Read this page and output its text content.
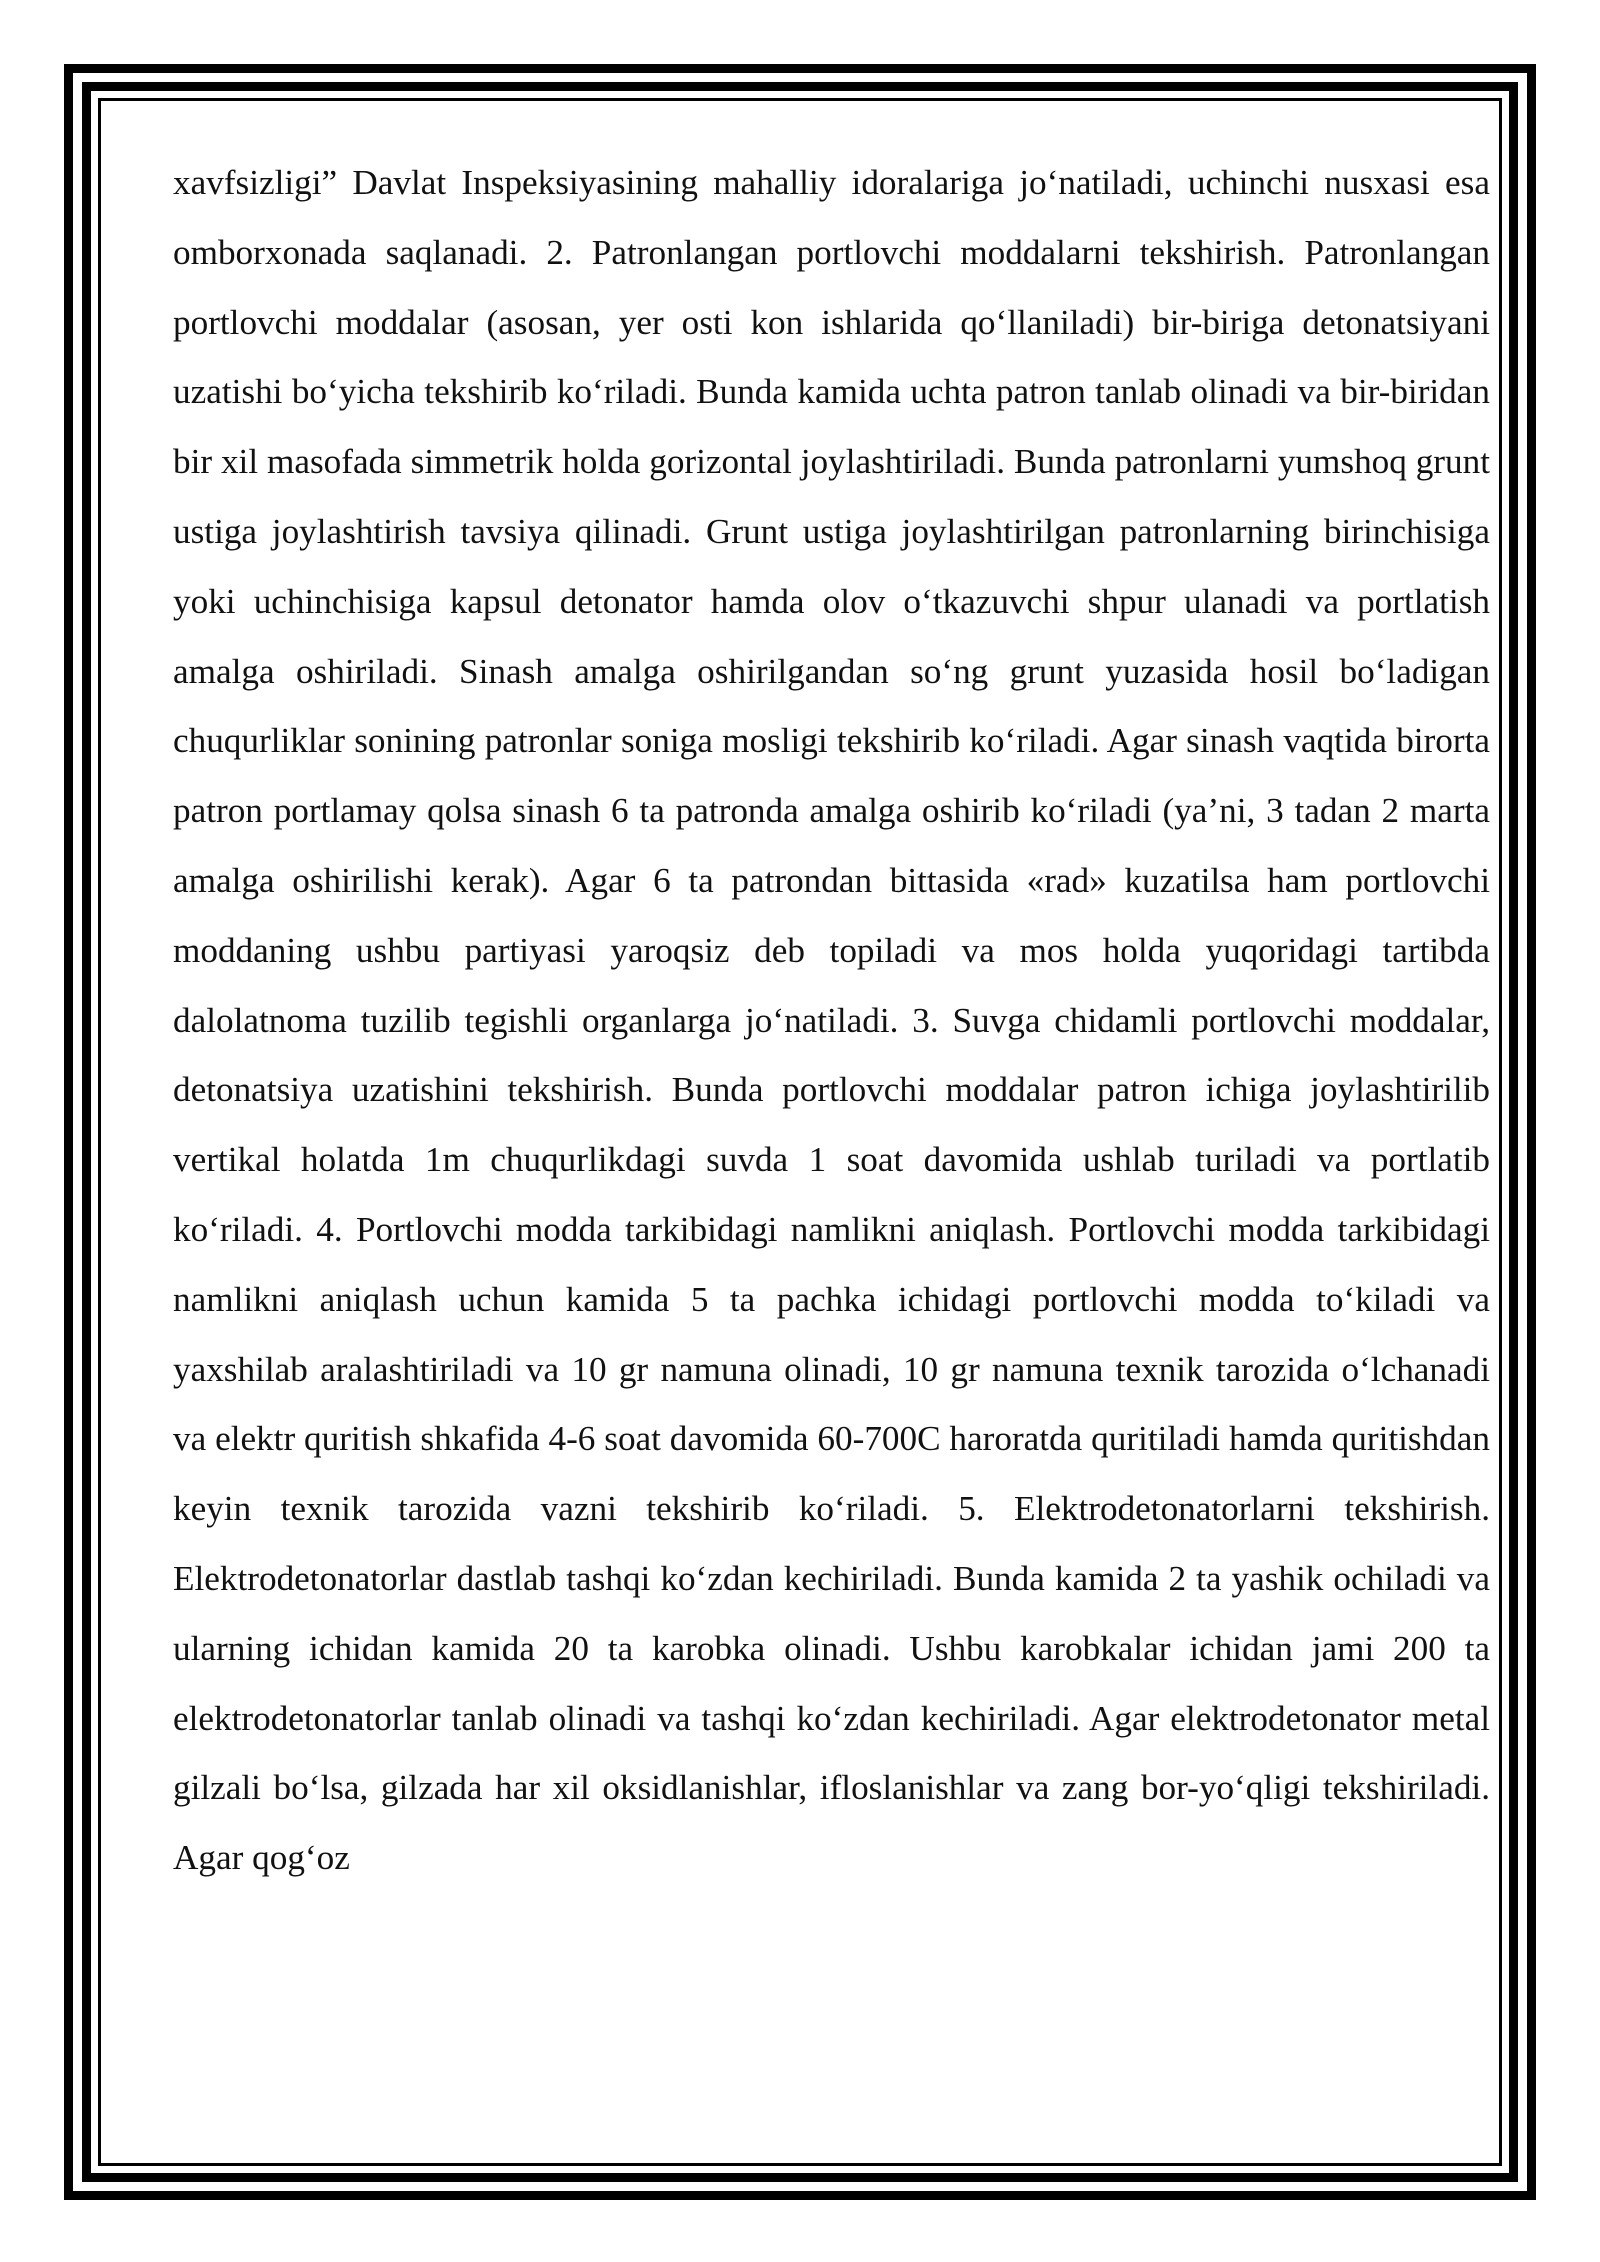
xavfsizligi” Davlat Inspeksiyasining mahalliy idoralariga jo‘natiladi, uchinchi nusxasi esa omborxonada saqlanadi. 2. Patronlangan portlovchi moddalarni tekshirish. Patronlangan portlovchi moddalar (asosan, yer osti kon ishlarida qo‘llaniladi) bir-biriga detonatsiyani uzatishi bo‘yicha tekshirib ko‘riladi. Bunda kamida uchta patron tanlab olinadi va bir-biridan bir xil masofada simmetrik holda gorizontal joylashtiriladi. Bunda patronlarni yumshoq grunt ustiga joylashtirish tavsiya qilinadi. Grunt ustiga joylashtirilgan patronlarning birinchisiga yoki uchinchisiga kapsul detonator hamda olov o‘tkazuvchi shpur ulanadi va portlatish amalga oshiriladi. Sinash amalga oshirilgandan so‘ng grunt yuzasida hosil bo‘ladigan chuqurliklar sonining patronlar soniga mosligi tekshirib ko‘riladi. Agar sinash vaqtida birorta patron portlamay qolsa sinash 6 ta patronda amalga oshirib ko‘riladi (ya’ni, 3 tadan 2 marta amalga oshirilishi kerak). Agar 6 ta patrondan bittasida «rad» kuzatilsa ham portlovchi moddaning ushbu partiyasi yaroqsiz deb topiladi va mos holda yuqoridagi tartibda dalolatnoma tuzilib tegishli organlarga jo‘natiladi. 3. Suvga chidamli portlovchi moddalar, detonatsiya uzatishini tekshirish. Bunda portlovchi moddalar patron ichiga joylashtirilib vertikal holatda 1m chuqurlikdagi suvda 1 soat davomida ushlab turiladi va portlatib ko‘riladi. 4. Portlovchi modda tarkibidagi namlikni aniqlash. Portlovchi modda tarkibidagi namlikni aniqlash uchun kamida 5 ta pachka ichidagi portlovchi modda to‘kiladi va yaxshilab aralashtiriladi va 10 gr namuna olinadi, 10 gr namuna texnik tarozida o‘lchanadi va elektr quritish shkafida 4-6 soat davomida 60-700C haroratda quritiladi hamda quritishdan keyin texnik tarozida vazni tekshirib ko‘riladi. 5. Elektrodetonatorlarni tekshirish. Elektrodetonatorlar dastlab tashqi ko‘zdan kechiriladi. Bunda kamida 2 ta yashik ochiladi va ularning ichidan kamida 20 ta karobka olinadi. Ushbu karobkalar ichidan jami 200 ta elektrodetonatorlar tanlab olinadi va tashqi ko‘zdan kechiriladi. Agar elektrodetonator metal gilzali bo‘lsa, gilzada har xil oksidlanishlar, ifloslanishlar va zang bor-yo‘qligi tekshiriladi. Agar qog‘oz
